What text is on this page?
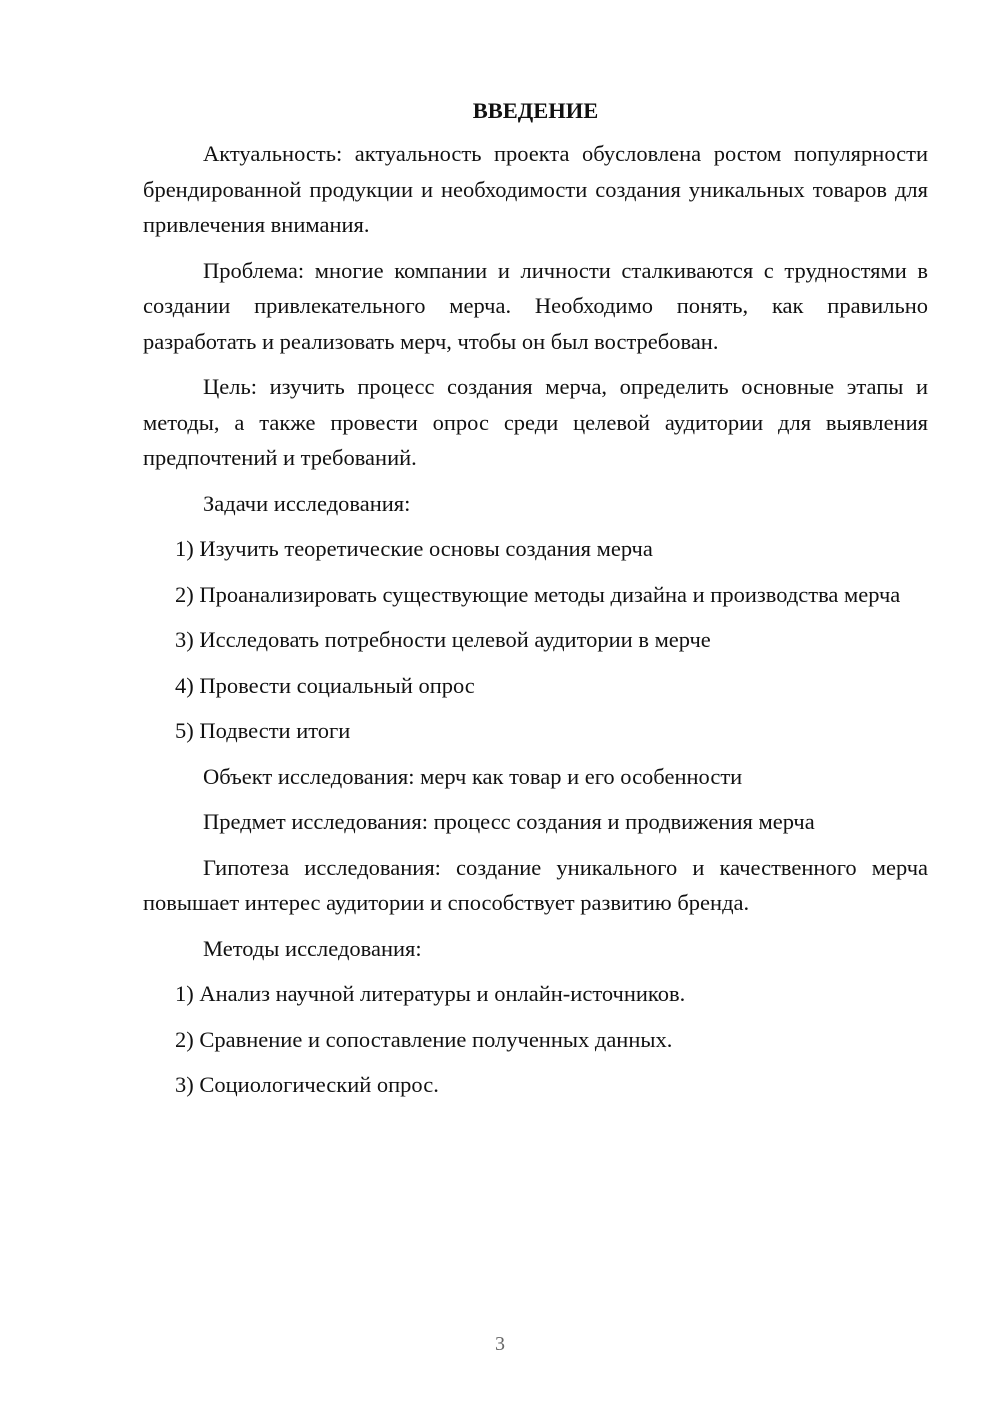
ВВЕДЕНИЕ

Актуальность: актуальность проекта обусловлена ростом популярности брендированной продукции и необходимости создания уникальных товаров для привлечения внимания.

Проблема: многие компании и личности сталкиваются с трудностями в создании привлекательного мерча. Необходимо понять, как правильно разработать и реализовать мерч, чтобы он был востребован.

Цель: изучить процесс создания мерча, определить основные этапы и методы, а также провести опрос среди целевой аудитории для выявления предпочтений и требований.

Задачи исследования:

1) Изучить теоретические основы создания мерча

2) Проанализировать существующие методы дизайна и производства мерча

3) Исследовать потребности целевой аудитории в мерче

4) Провести социальный опрос

5) Подвести итоги

Объект исследования: мерч как товар и его особенности

Предмет исследования: процесс создания и продвижения мерча

Гипотеза исследования: создание уникального и качественного мерча повышает интерес аудитории и способствует развитию бренда.

Методы исследования:

1) Анализ научной литературы и онлайн-источников.

2) Сравнение и сопоставление полученных данных.

3) Социологический опрос.

3
